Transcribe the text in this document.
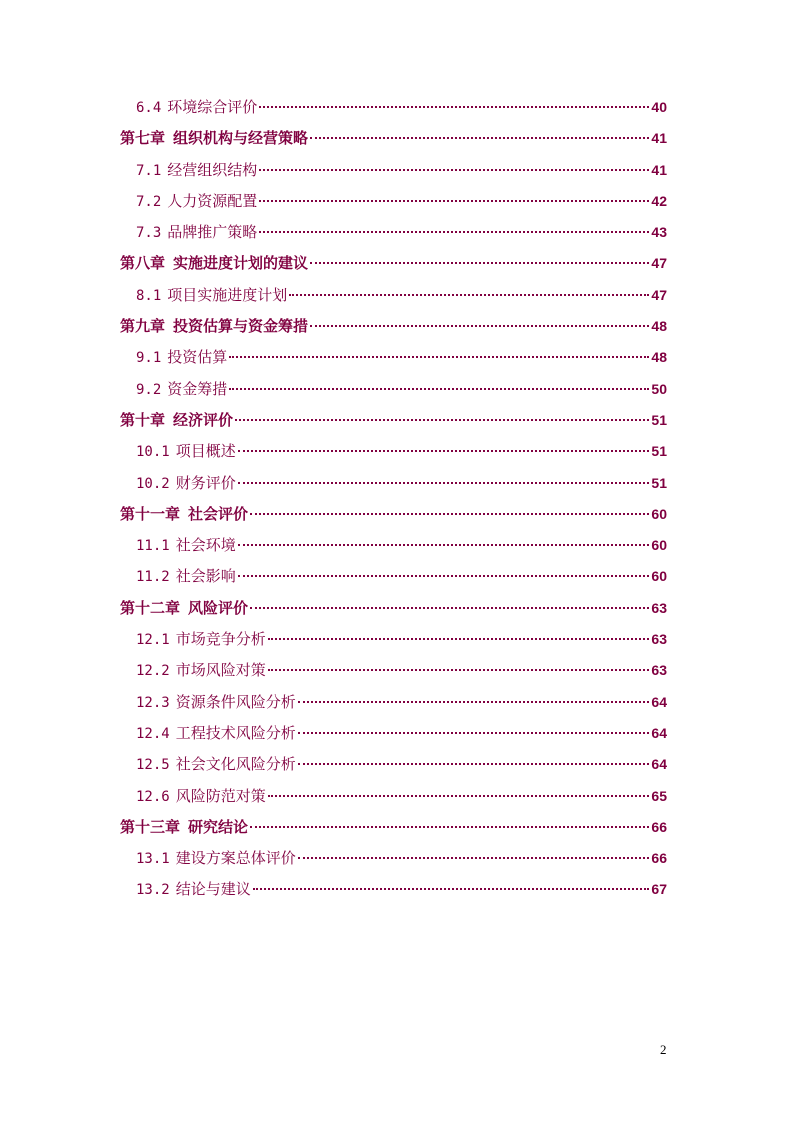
6.4 环境综合评价	40
第七章 组织机构与经营策略	41
7.1 经营组织结构	41
7.2 人力资源配置	42
7.3 品牌推广策略	43
第八章 实施进度计划的建议	47
8.1 项目实施进度计划	47
第九章 投资估算与资金筹措	48
9.1 投资估算	48
9.2 资金筹措	50
第十章 经济评价	51
10.1 项目概述	51
10.2 财务评价	51
第十一章 社会评价	60
11.1 社会环境	60
11.2 社会影响	60
第十二章 风险评价	63
12.1 市场竞争分析	63
12.2 市场风险对策	63
12.3 资源条件风险分析	64
12.4 工程技术风险分析	64
12.5 社会文化风险分析	64
12.6 风险防范对策	65
第十三章 研究结论	66
13.1 建设方案总体评价	66
13.2 结论与建议	67
2
